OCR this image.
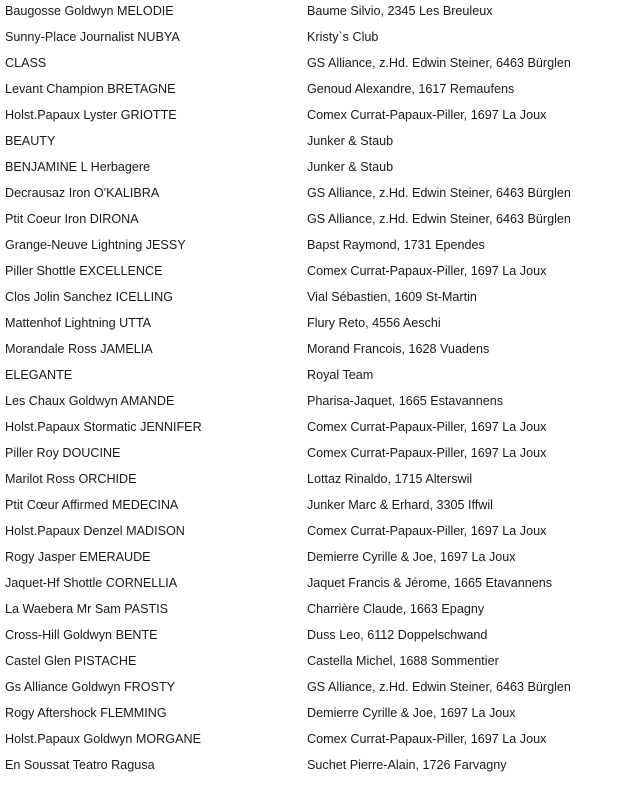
Baugosse Goldwyn MELODIE	Baume Silvio, 2345 Les Breuleux
Sunny-Place Journalist NUBYA	Kristy`s Club
CLASS	GS Alliance, z.Hd. Edwin Steiner, 6463 Bürglen
Levant Champion BRETAGNE	Genoud Alexandre, 1617 Remaufens
Holst.Papaux Lyster GRIOTTE	Comex Currat-Papaux-Piller, 1697 La Joux
BEAUTY	Junker & Staub
BENJAMINE L Herbagere	Junker & Staub
Decrausaz Iron O'KALIBRA	GS Alliance, z.Hd. Edwin Steiner, 6463 Bürglen
Ptit Coeur Iron DIRONA	GS Alliance, z.Hd. Edwin Steiner, 6463 Bürglen
Grange-Neuve Lightning JESSY	Bapst Raymond, 1731 Ependes
Piller Shottle EXCELLENCE	Comex Currat-Papaux-Piller, 1697 La Joux
Clos Jolin Sanchez ICELLING	Vial Sébastien, 1609 St-Martin
Mattenhof Lightning UTTA	Flury Reto, 4556 Aeschi
Morandale Ross JAMELIA	Morand Francois, 1628 Vuadens
ELEGANTE	Royal Team
Les Chaux Goldwyn AMANDE	Pharisa-Jaquet, 1665 Estavannens
Holst.Papaux Stormatic JENNIFER	Comex Currat-Papaux-Piller, 1697 La Joux
Piller Roy DOUCINE	Comex Currat-Papaux-Piller, 1697 La Joux
Marilot Ross ORCHIDE	Lottaz Rinaldo, 1715 Alterswil
Ptit Cœur Affirmed MEDECINA	Junker Marc & Erhard, 3305 Iffwil
Holst.Papaux Denzel MADISON	Comex Currat-Papaux-Piller, 1697 La Joux
Rogy Jasper EMERAUDE	Demierre Cyrille & Joe, 1697 La Joux
Jaquet-Hf Shottle CORNELLIA	Jaquet Francis & Jérome, 1665 Etavannens
La Waebera Mr Sam PASTIS	Charrière Claude, 1663 Epagny
Cross-Hill Goldwyn BENTE	Duss Leo, 6112 Doppelschwand
Castel Glen PISTACHE	Castella Michel, 1688 Sommentier
Gs Alliance Goldwyn FROSTY	GS Alliance, z.Hd. Edwin Steiner, 6463 Bürglen
Rogy Aftershock FLEMMING	Demierre Cyrille & Joe, 1697 La Joux
Holst.Papaux Goldwyn MORGANE	Comex Currat-Papaux-Piller, 1697 La Joux
En Soussat Teatro Ragusa	Suchet Pierre-Alain, 1726 Farvagny
